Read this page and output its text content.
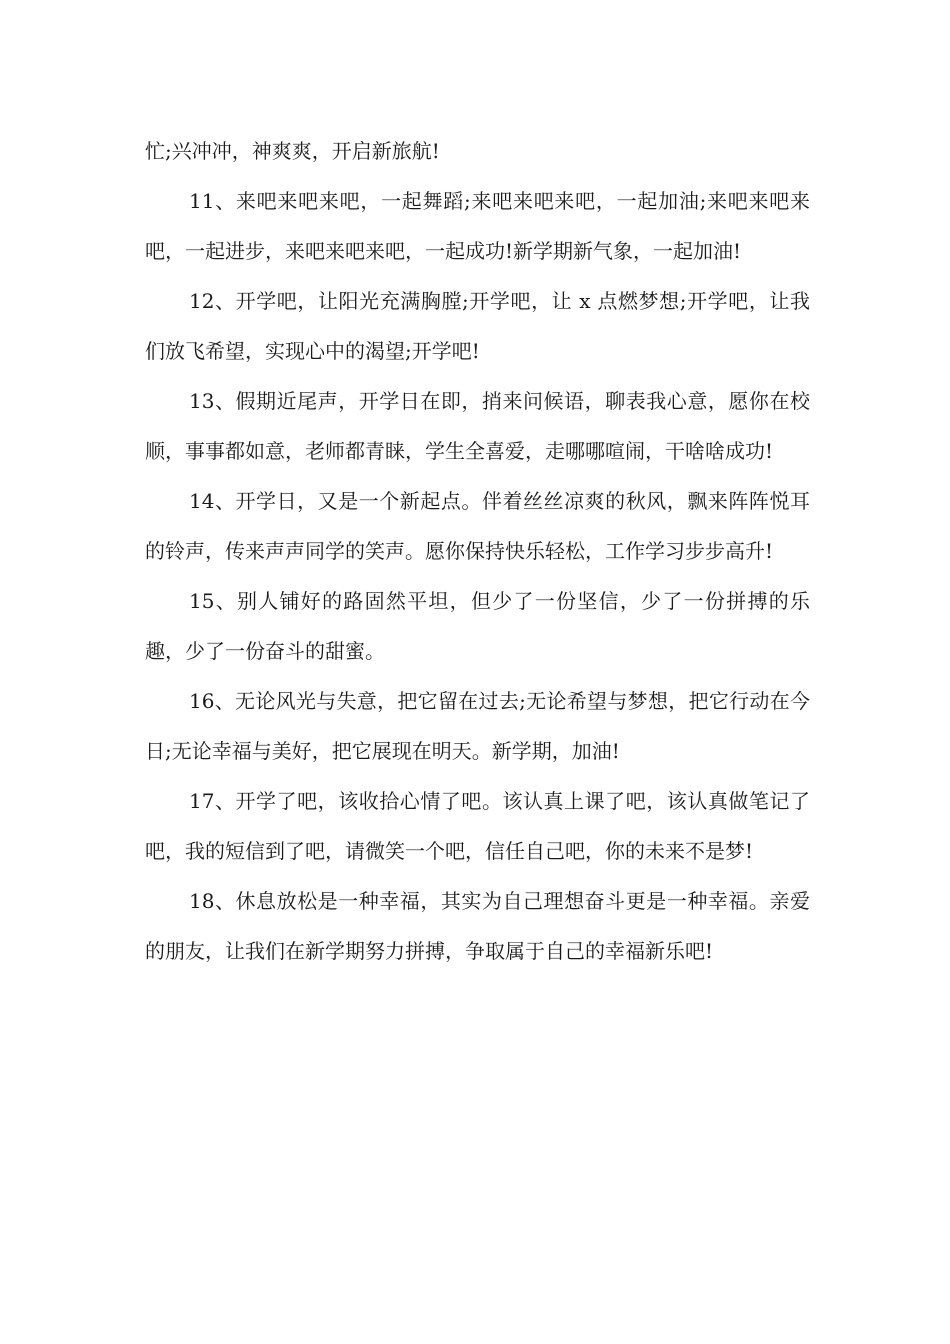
忙;兴冲冲，神爽爽，开启新旅航!

11、来吧来吧来吧，一起舞蹈;来吧来吧来吧，一起加油;来吧来吧来吧，一起进步，来吧来吧来吧，一起成功!新学期新气象，一起加油!

12、开学吧，让阳光充满胸膛;开学吧，让 x 点燃梦想;开学吧，让我们放飞希望，实现心中的渴望;开学吧!

13、假期近尾声，开学日在即，捎来问候语，聊表我心意，愿你在校顺，事事都如意，老师都青睐，学生全喜爱，走哪哪喧闹，干啥啥成功!

14、开学日，又是一个新起点。伴着丝丝凉爽的秋风，飘来阵阵悦耳的铃声，传来声声同学的笑声。愿你保持快乐轻松，工作学习步步高升!

15、别人铺好的路固然平坦，但少了一份坚信，少了一份拼搏的乐趣，少了一份奋斗的甜蜜。

16、无论风光与失意，把它留在过去;无论希望与梦想，把它行动在今日;无论幸福与美好，把它展现在明天。新学期，加油!

17、开学了吧，该收拾心情了吧。该认真上课了吧，该认真做笔记了吧，我的短信到了吧，请微笑一个吧，信任自己吧，你的未来不是梦!

18、休息放松是一种幸福，其实为自己理想奋斗更是一种幸福。亲爱的朋友，让我们在新学期努力拼搏，争取属于自己的幸福新乐吧!
